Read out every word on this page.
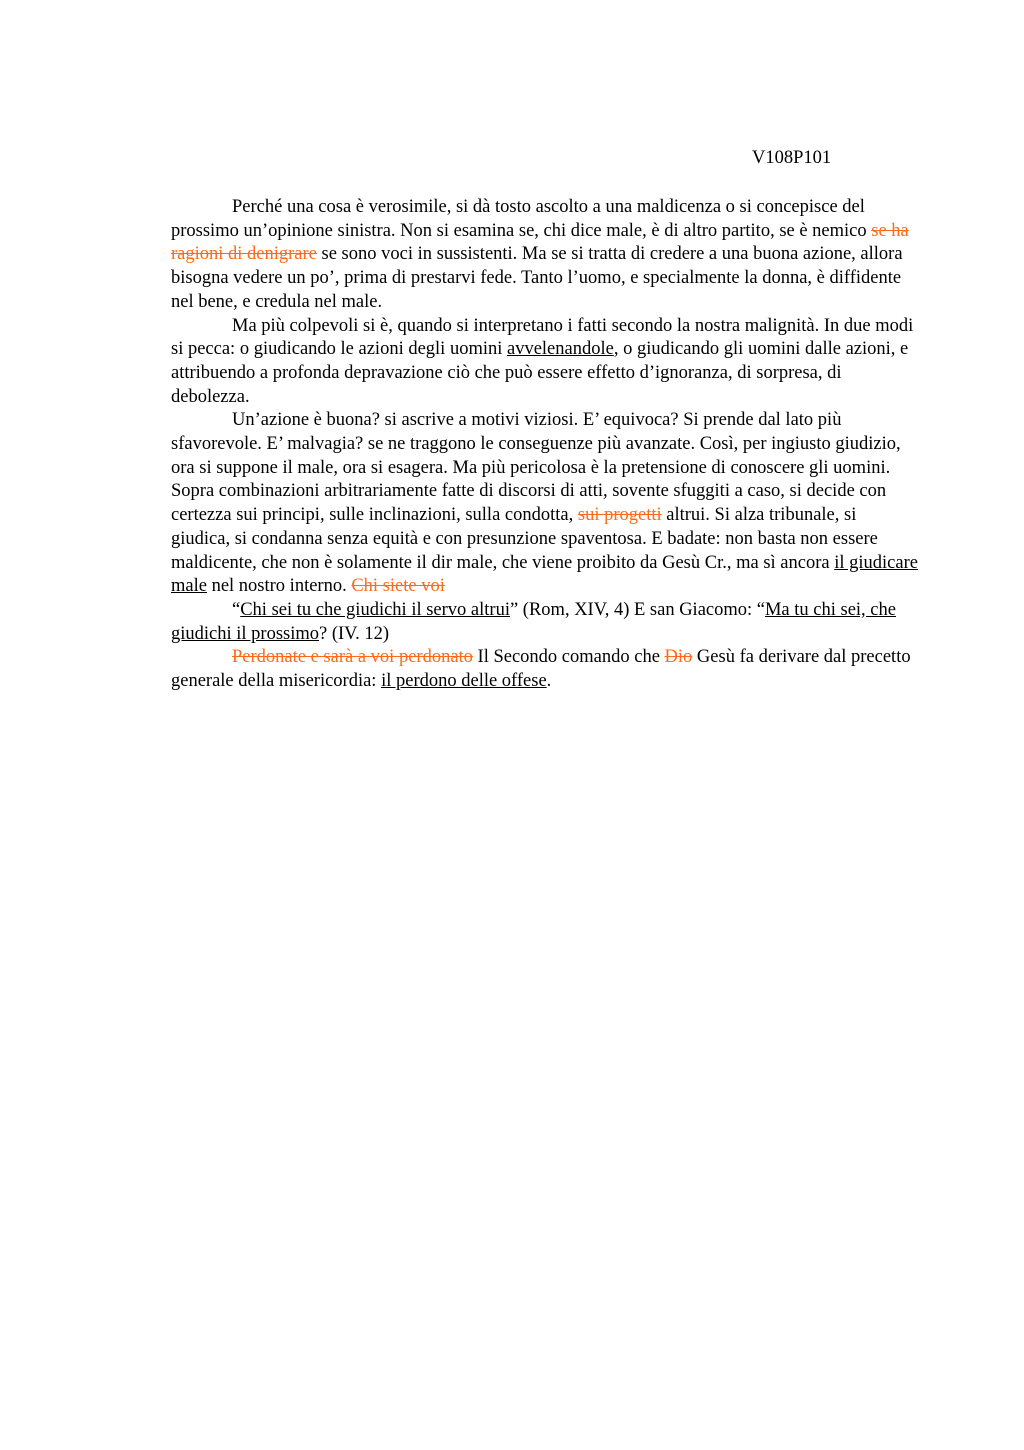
V108P101

Perché una cosa è verosimile, si dà tosto ascolto a una maldicenza o si concepisce del prossimo un’opinione sinistra. Non si esamina se, chi dice male, è di altro partito, se è nemico se ha ragioni di denigrare se sono voci in sussistenti. Ma se si tratta di credere a una buona azione, allora bisogna vedere un po’, prima di prestarvi fede. Tanto l’uomo, e specialmente la donna, è diffidente nel bene, e credula nel male.

Ma più colpevoli si è, quando si interpretano i fatti secondo la nostra malignità. In due modi si pecca: o giudicando le azioni degli uomini avvelenandole, o giudicando gli uomini dalle azioni, e attribuendo a profonda depravazione ciò che può essere effetto d’ignoranza, di sorpresa, di debolezza.

Un’azione è buona? si ascrive a motivi viziosi. E’ equivoca? Si prende dal lato più sfavorevole. E’ malvagia? se ne traggono le conseguenze più avanzate. Così, per ingiusto giudizio, ora si suppone il male, ora si esagera. Ma più pericolosa è la pretensione di conoscere gli uomini. Sopra combinazioni arbitrariamente fatte di discorsi di atti, sovente sfuggiti a caso, si decide con certezza sui principi, sulle inclinazioni, sulla condotta, sui progetti altrui. Si alza tribunale, si giudica, si condanna senza equità e con presunzione spaventosa. E badate: non basta non essere maldicente, che non è solamente il dir male, che viene proibito da Gesù Cr., ma sì ancora il giudicare male nel nostro interno. Chi siete voi

“Chi sei tu che giudichi il servo altrui” (Rom, XIV, 4) E san Giacomo: “Ma tu chi sei, che giudichi il prossimo? (IV. 12)

Perdonate e sarà a voi perdonato Il Secondo comando che Dio Gesù fa derivare dal precetto generale della misericordia: il perdono delle offese.
